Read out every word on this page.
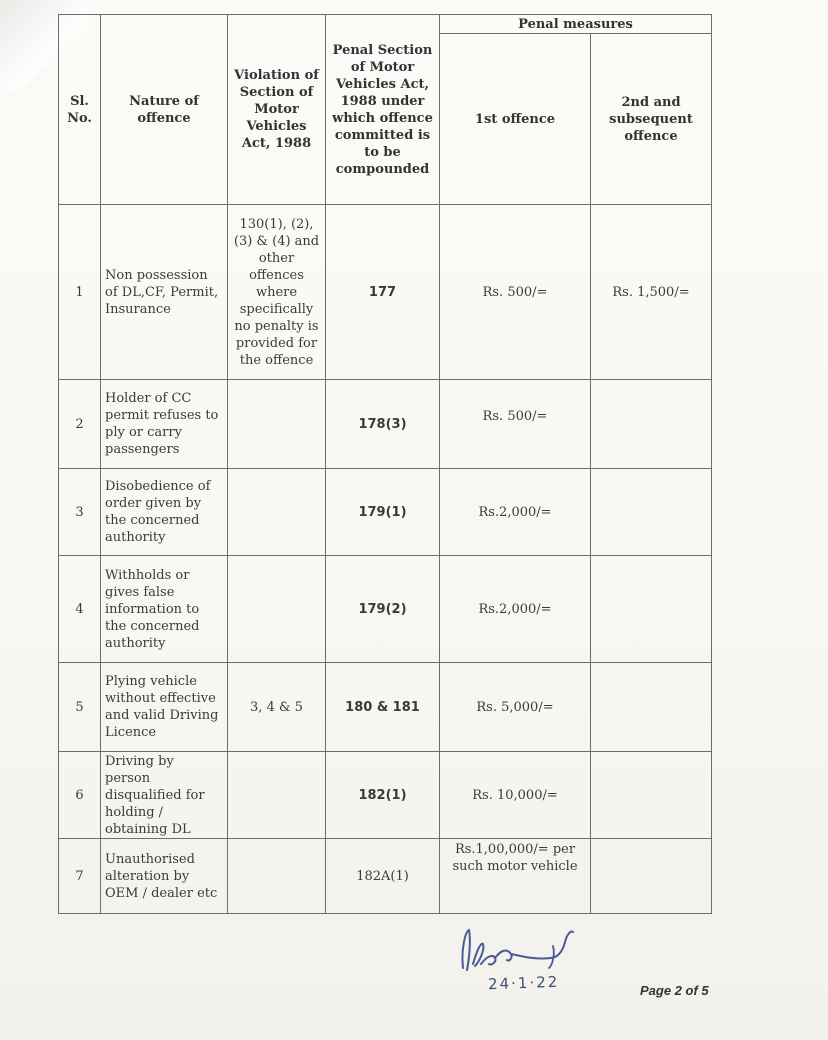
Sl. No.	Nature of offence	Violation of Section of Motor Vehicles Act, 1988	Penal Section of Motor Vehicles Act, 1988 under which offence committed is to be compounded	Penal measures	
				1st offence	2nd and subsequent offence
1	Non possession of DL,CF, Permit, Insurance	130(1), (2), (3) & (4) and other offences where specifically no penalty is provided for the offence	177	Rs. 500/=	Rs. 1,500/=
2	Holder of CC permit refuses to ply or carry passengers		178(3)	Rs. 500/=	
3	Disobedience of order given by the concerned authority		179(1)	Rs.2,000/=	
4	Withholds or gives false information to the concerned authority		179(2)	Rs.2,000/=	
5	Plying vehicle without effective and valid Driving Licence	3, 4 & 5	180 & 181	Rs. 5,000/=	
6	Driving by person disqualified for holding / obtaining DL		182(1)	Rs. 10,000/=	
7	Unauthorised alteration by OEM / dealer etc		182A(1)	Rs.1,00,000/= per such motor vehicle	
24·1·22	Page 2 of 5
